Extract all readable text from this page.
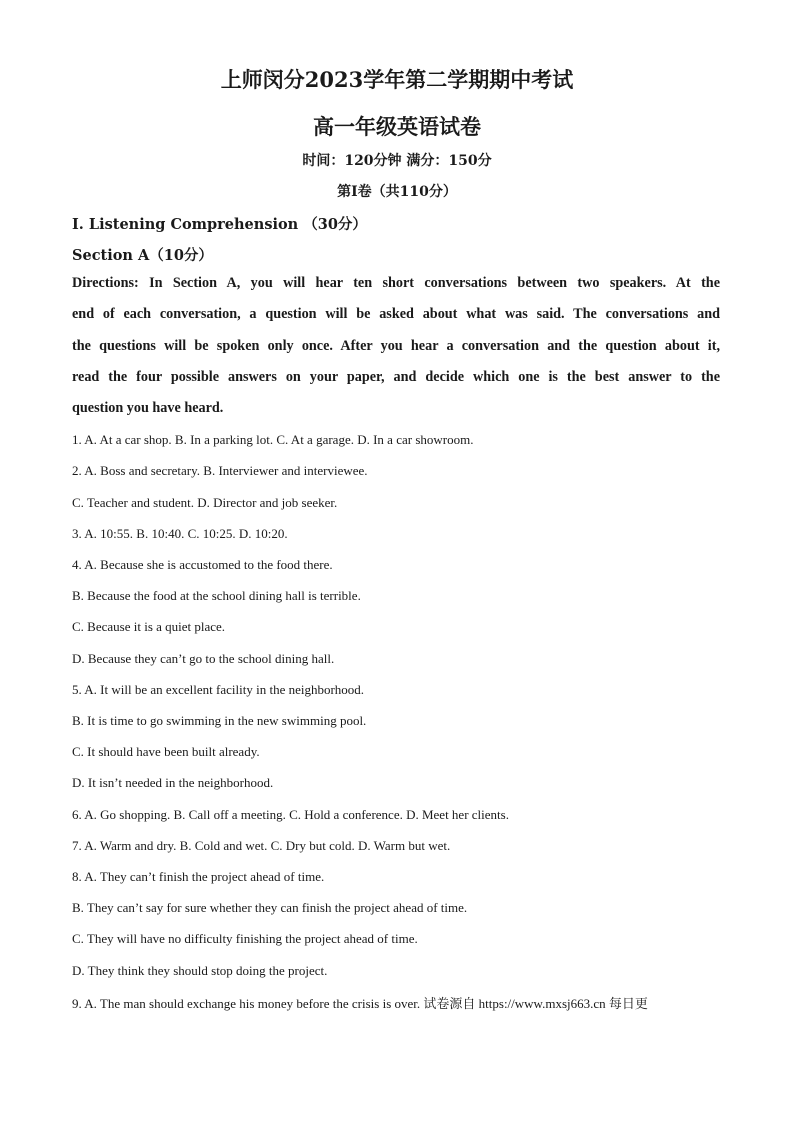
上师闵分2023学年第二学期期中考试
高一年级英语试卷
时间：120分钟 满分：150分
第I卷（共110分）
I. Listening Comprehension （30分）
Section A（10分）
Directions: In Section A, you will hear ten short conversations between two speakers. At the
end of each conversation, a question will be asked about what was said. The conversations and
the questions will be spoken only once. After you hear a conversation and the question about it,
read the four possible answers on your paper, and decide which one is the best answer to the
question you have heard.
1. A. At a car shop. B. In a parking lot. C. At a garage. D. In a car showroom.
2. A. Boss and secretary. B. Interviewer and interviewee.
C. Teacher and student. D. Director and job seeker.
3. A. 10:55. B. 10:40. C. 10:25. D. 10:20.
4. A. Because she is accustomed to the food there.
B. Because the food at the school dining hall is terrible.
C. Because it is a quiet place.
D. Because they can’t go to the school dining hall.
5. A. It will be an excellent facility in the neighborhood.
B. It is time to go swimming in the new swimming pool.
C. It should have been built already.
D. It isn’t needed in the neighborhood.
6. A. Go shopping. B. Call off a meeting. C. Hold a conference. D. Meet her clients.
7. A. Warm and dry. B. Cold and wet. C. Dry but cold. D. Warm but wet.
8. A. They can’t finish the project ahead of time.
B. They can’t say for sure whether they can finish the project ahead of time.
C. They will have no difficulty finishing the project ahead of time.
D. They think they should stop doing the project.
9. A. The man should exchange his money before the crisis is over. 试卷源自 https://www.mxsj663.cn 每日更
